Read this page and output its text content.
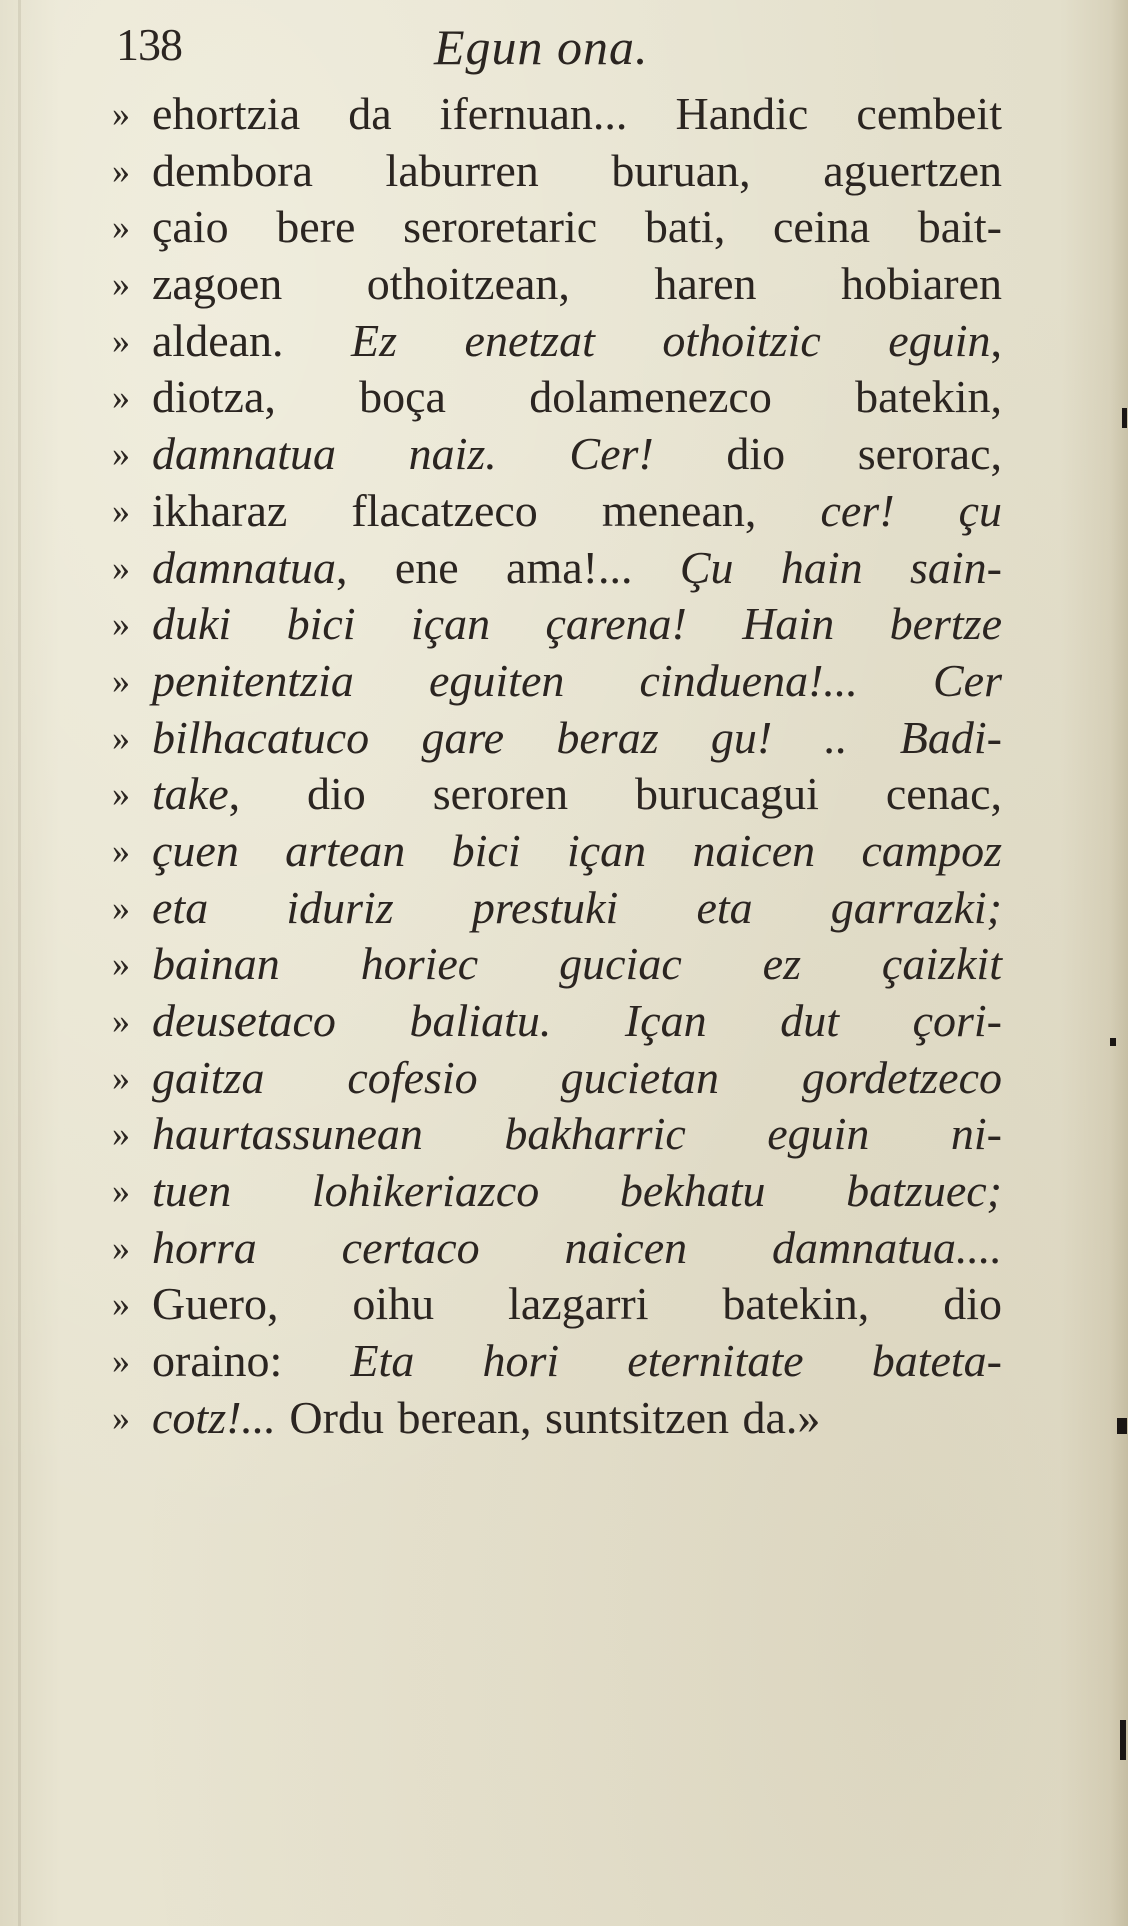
138	Egun ona.
» ehortzia da ifernuan... Handic cembeit
» dembora laburren buruan, aguertzen
» çaio bere seroretaric bati, ceina bait-
» zagoen othoitzean, haren hobiaren
» aldean. Ez enetzat othoitzic eguin,
» diotza, boça dolamenezco batekin,
» damnatua naiz. Cer! dio serorac,
» ikharaz flacatzeco menean, cer! çu
» damnatua, ene ama!... Çu hain sain-
» duki bici içan çarena! Hain bertze
» penitentzia eguiten cinduena!... Cer
» bilhacatuco gare beraz gu! .. Badi-
» take, dio seroren burucagui cenac,
» çuen artean bici içan naicen campoz
» eta iduriz prestuki eta garrazki;
» bainan horiec guciac ez çaizkit
» deusetaco baliatu. Içan dut çori-
» gaitza cofesio gucietan gordetzeco
» haurtassunean bakharric eguin ni-
» tuen lohikeriazco bekhatu batzuec;
» horra certaco naicen damnatua....
» Guero, oihu lazgarri batekin, dio
» oraino: Eta hori eternitate bateta-
» cotz!... Ordu berean, suntsitzen da.»
